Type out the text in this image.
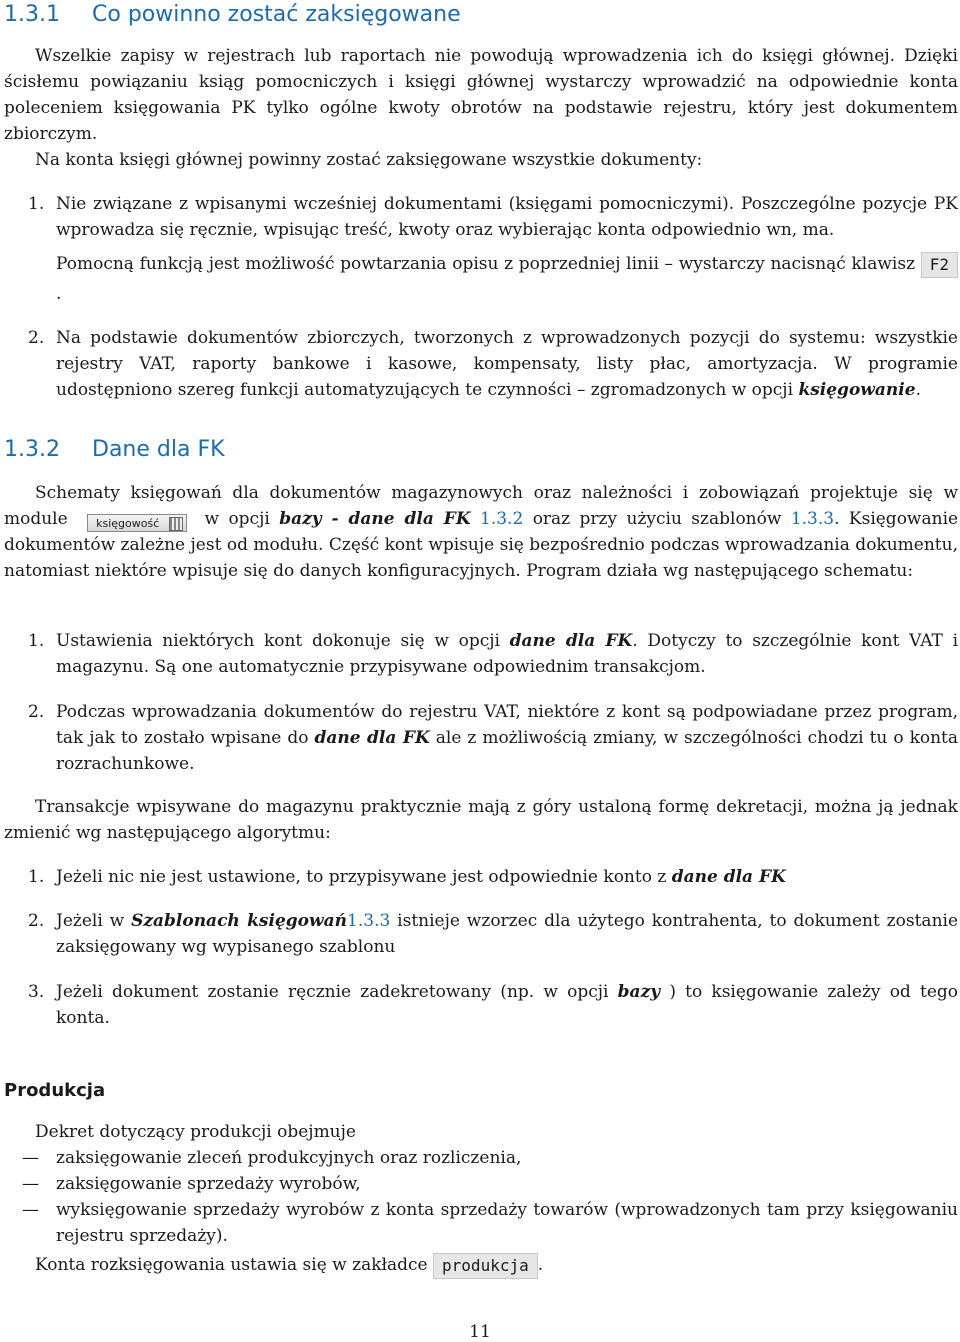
1.3.1 Co powinno zostać zaksięgowane
Wszelkie zapisy w rejestrach lub raportach nie powodują wprowadzenia ich do księgi głównej. Dzięki ścisłemu powiązaniu ksiąg pomocniczych i księgi głównej wystarczy wprowadzić na odpowiednie konta poleceniem księgowania PK tylko ogólne kwoty obrotów na podstawie rejestru, który jest dokumentem zbiorczym.
Na konta księgi głównej powinny zostać zaksięgowane wszystkie dokumenty:
1. Nie związane z wpisanymi wcześniej dokumentami (księgami pomocniczymi). Poszczególne pozycje PK wprowadza się ręcznie, wpisując treść, kwoty oraz wybierając konta odpowiednio wn, ma.
Pomocną funkcją jest możliwość powtarzania opisu z poprzedniej linii – wystarczy nacisnąć klawisz F2.
2. Na podstawie dokumentów zbiorczych, tworzonych z wprowadzonych pozycji do systemu: wszystkie rejestry VAT, raporty bankowe i kasowe, kompensaty, listy płac, amortyzacja. W programie udostępniono szereg funkcji automatyzujących te czynności – zgromadzonych w opcji księgowanie.
1.3.2 Dane dla FK
Schematy księgowań dla dokumentów magazynowych oraz należności i zobowiązań projektuje się w module	księgowość	w opcji bazy - dane dla FK 1.3.2 oraz przy użyciu szablonów 1.3.3. Księgowanie dokumentów zależne jest od modułu. Część kont wpisuje się bezpośrednio podczas wprowadzania dokumentu, natomiast niektóre wpisuje się do danych konfiguracyjnych. Program działa wg następującego schematu:
1. Ustawienia niektórych kont dokonuje się w opcji dane dla FK. Dotyczy to szczególnie kont VAT i magazynu. Są one automatycznie przypisywane odpowiednim transakcjom.
2. Podczas wprowadzania dokumentów do rejestru VAT, niektóre z kont są podpowiadane przez program, tak jak to zostało wpisane do dane dla FK ale z możliwością zmiany, w szczególności chodzi tu o konta rozrachunkowe.
Transakcje wpisywane do magazynu praktycznie mają z góry ustaloną formę dekretacji, można ją jednak zmienić wg następującego algorytmu:
1. Jeżeli nic nie jest ustawione, to przypisywane jest odpowiednie konto z dane dla FK
2. Jeżeli w Szablonach księgowań1.3.3 istnieje wzorzec dla użytego kontrahenta, to dokument zostanie zaksięgowany wg wypisanego szablonu
3. Jeżeli dokument zostanie ręcznie zadekretowany (np. w opcji bazy ) to księgowanie zależy od tego konta.
Produkcja
Dekret dotyczący produkcji obejmuje
— zaksięgowanie zleceń produkcyjnych oraz rozliczenia,
— zaksięgowanie sprzedaży wyrobów,
— wyksięgowanie sprzedaży wyrobów z konta sprzedaży towarów (wprowadzonych tam przy księgowaniu rejestru sprzedaży).
Konta rozksięgowania ustawia się w zakładce produkcja .
11
